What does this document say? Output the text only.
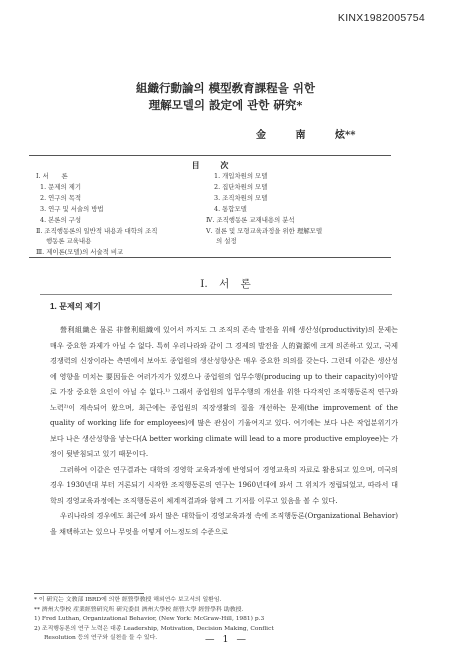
KINX1982005754
組織行動論의 模型敎育課程을 위한
理解모델의 設定에 관한 硏究*
金 南 炫**
目 次
Ⅰ. 서　　론
1. 문제의 제기
2. 연구의 목적
3. 연구 및 서술의 방법
4. 본론의 구성
Ⅱ. 조직행동론의 일반적 내용과 대학의 조직
행동론 교육내용
Ⅲ. 제이론(모델)의 서술적 비교
1. 개입차원의 모델
2. 집단차원의 모델
3. 조직차원의 모델
4. 통합모델
Ⅳ. 조직행동론 교재내용의 분석
Ⅴ. 결론 및 모형교육과정을 위한 理解모델
의 설정
Ⅰ. 서 론
1. 문제의 제기

營利組織은 물론 非營利組織에 있어서 까지도 그 조직의 존속 발전을 위해 생산성(productivity)의 문제는 매우 중요한 과제가 아닐 수 없다. 특히 우리나라와 같이 그 경제의 발전을 人的資源에 크게 의존하고 있고, 국제경쟁력의 신장이라는 측면에서 보아도 종업원의 생산성향상은 매우 중요한 의의를 갖는다. 그런데 이같은 생산성에 영향을 미치는 要因들은 여러가지가 있겠으나 종업원의 업무수행(producing up to their capacity)이야말로 가장 중요한 요인이 아닐 수 없다.¹⁾ 그래서 종업원의 업무수행의 개선을 위한 다각적인 조직행동론적 연구와 노력²⁾이 계속되어 왔으며, 최근에는 종업원의 직장생활의 질을 개선하는 문제(the improvement of the quality of working life for employees)에 많은 관심이 기울여지고 있다. 여기에는 보다 나은 작업분위기가 보다 나은 생산성향을 낳는다(A better working climate will lead to a more productive employee)는 가정이 뒷받침되고 있기 때문이다.

그러하여 이같은 연구결과는 대학의 경영학 교육과정에 반영되어 경영교육의 자료로 활용되고 있으며, 미국의 경우 1930년대 부터 거론되기 시작한 조직행동론의 연구는 1960년대에 와서 그 위치가 정립되었고, 따라서 대학의 경영교육과정에는 조직행동론이 체계적결과와 함께 그 기저를 이루고 있음을 볼 수 있다.

우리나라의 경우에도 최근에 와서 많은 대학들이 경영교육과정 속에 조직행동론(Organizational Behavior)을 채택하고는 있으나 무엇을 어떻게 어느정도의 수준으로

* 이 硏究는 文敎部 IBRD에 의한 經營學敎授 해외연수 보고서의 일환임.
** 濟州大學校 産業經營硏究所 硏究委員 濟州大學校 經營大學 經營學科 助敎授.
1) Fred Luthan, Organizational Behavior, (New York: McGraw-Hill, 1981) p.3
2) 조직행동론의 연구 노력은 대종 Leadership, Motivation, Decision Making, Conflict
Resolution 등의 연구와 실천을 들 수 있다.	— 1 —
